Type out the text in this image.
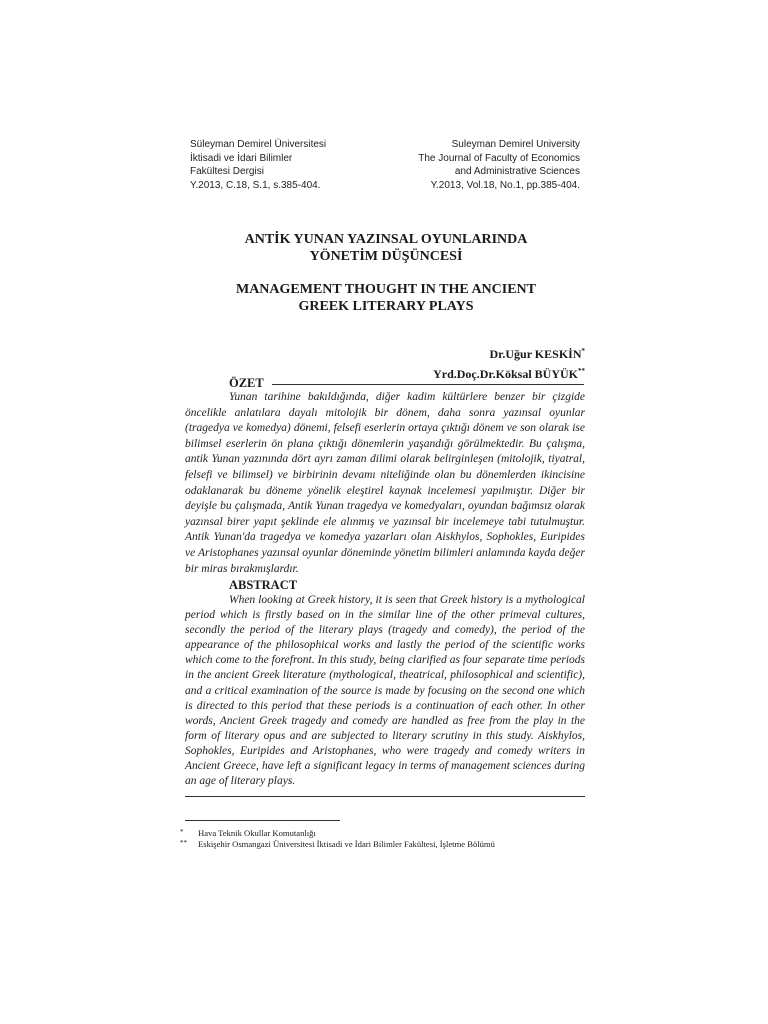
Süleyman Demirel Üniversitesi
İktisadi ve İdari Bilimler
Fakültesi Dergisi
Y.2013, C.18, S.1, s.385-404.
Suleyman Demirel University
The Journal of Faculty of Economics
and Administrative Sciences
Y.2013, Vol.18, No.1, pp.385-404.
ANTİK YUNAN YAZINSAL OYUNLARINDA
YÖNETİM DÜŞÜNCESİ
MANAGEMENT THOUGHT IN THE ANCIENT
GREEK LITERARY PLAYS
Dr.Uğur KESKİN*
Yrd.Doç.Dr.Köksal BÜYÜK**
ÖZET

Yunan tarihine bakıldığında, diğer kadim kültürlere benzer bir çizgide öncelikle anlatılara dayalı mitolojik bir dönem, daha sonra yazınsal oyunlar (tragedya ve komedya) dönemi, felsefi eserlerin ortaya çıktığı dönem ve son olarak ise bilimsel eserlerin ön plana çıktığı dönemlerin yaşandığı görülmektedir. Bu çalışma, antik Yunan yazınında dört ayrı zaman dilimi olarak belirginleşen (mitolojik, tiyatral, felsefi ve bilimsel) ve birbirinin devamı niteliğinde olan bu dönemlerden ikincisine odaklanarak bu döneme yönelik eleştirel kaynak incelemesi yapılmıştır. Diğer bir deyişle bu çalışmada, Antik Yunan tragedya ve komedyaları, oyundan bağımsız olarak yazınsal birer yapıt şeklinde ele alınmış ve yazınsal bir incelemeye tabi tutulmuştur. Antik Yunan'da tragedya ve komedya yazarları olan Aiskhylos, Sophokles, Euripides ve Aristophanes yazınsal oyunlar döneminde yönetim bilimleri anlamında kayda değer bir miras bırakmışlardır.

ABSTRACT

When looking at Greek history, it is seen that Greek history is a mythological period which is firstly based on in the similar line of the other primeval cultures, secondly the period of the literary plays (tragedy and comedy), the period of the appearance of the philosophical works and lastly the period of the scientific works which come to the forefront. In this study, being clarified as four separate time periods in the ancient Greek literature (mythological, theatrical, philosophical and scientific), and a critical examination of the source is made by focusing on the second one which is directed to this period that these periods is a continuation of each other. In other words, Ancient Greek tragedy and comedy are handled as free from the play in the form of literary opus and are subjected to literary scrutiny in this study. Aiskhylos, Sophokles, Euripides and Aristophanes, who were tragedy and comedy writers in Ancient Greece, have left a significant legacy in terms of management sciences during an age of literary plays.

* Hava Teknik Okullar Komutanlığı
** Eskişehir Osmangazi Üniversitesi İktisadi ve İdari Bilimler Fakültesi, İşletme Bölümü
